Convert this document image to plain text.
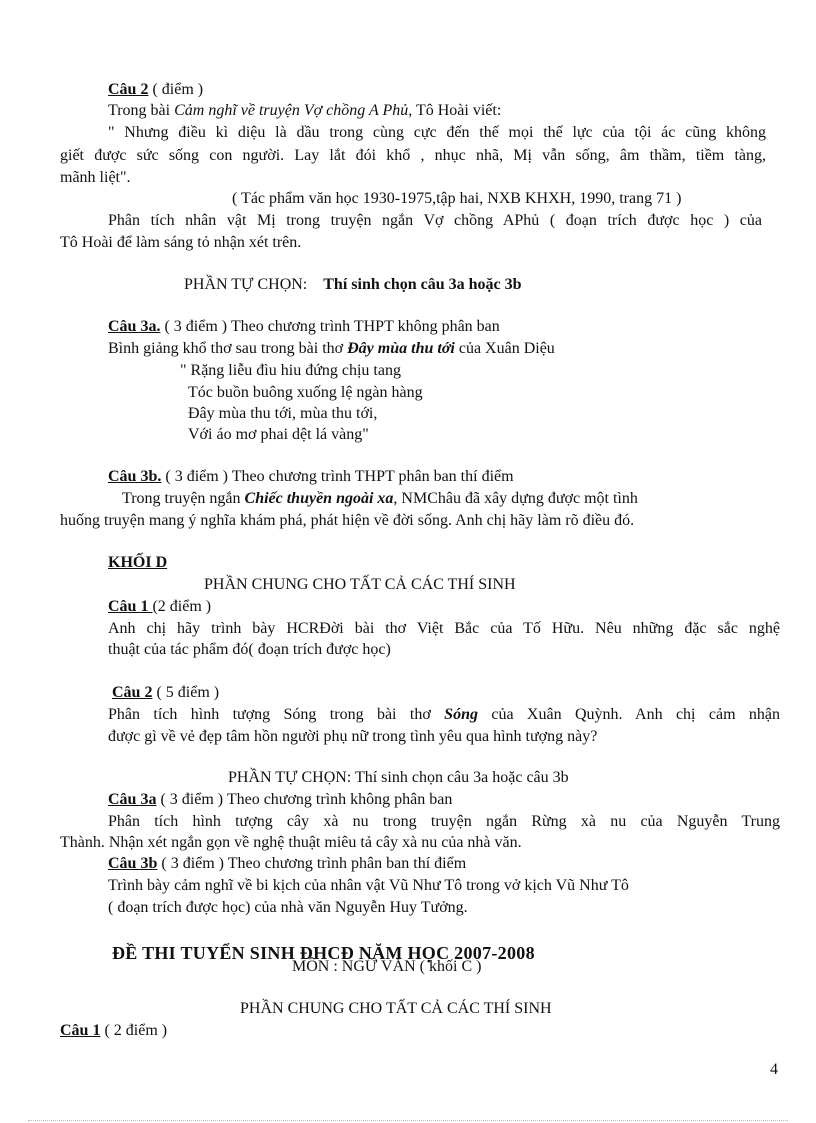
Câu 2 ( điểm )
Trong bài Cảm nghĩ về truyện Vợ chồng A Phủ, Tô Hoài viết:
" Nhưng điều kì diệu là dầu trong cùng cực đến thế mọi thế lực của tội ác cũng không
giết được sức sống con người. Lay lắt đói khổ , nhục nhã, Mị vẫn sống, âm thầm, tiềm tàng,
mãnh liệt".
( Tác phẩm văn học 1930-1975,tập hai, NXB KHXH, 1990, trang 71 )
Phân tích nhân vật Mị trong truyện ngắn Vợ chồng APhủ ( đoạn trích được học ) của
Tô Hoài để làm sáng tỏ nhận xét trên.
PHẦN TỰ CHỌN: Thí sinh chọn câu 3a hoặc 3b
Câu 3a. ( 3 điểm ) Theo chương trình THPT không phân ban
Bình giảng khổ thơ sau trong bài thơ Đây mùa thu tới của Xuân Diệu
" Rặng liễu đìu hiu đứng chịu tang
Tóc buồn buông xuống lệ ngàn hàng
Đây mùa thu tới, mùa thu tới,
Với áo mơ phai dệt lá vàng"
Câu 3b. ( 3 điểm ) Theo chương trình THPT phân ban thí điểm
Trong truyện ngắn Chiếc thuyền ngoài xa, NMChâu đã xây dựng được một tình
huống truyện mang ý nghĩa khám phá, phát hiện về đời sống. Anh chị hãy làm rõ điều đó.
KHỐI D
PHẦN CHUNG CHO TẤT CẢ CÁC THÍ SINH
Câu 1 (2 điểm )
Anh chị hãy trình bày HCRĐời bài thơ Việt Bắc của Tố Hữu. Nêu những đặc sắc nghệ
thuật của tác phẩm đó( đoạn trích được học)
Câu 2 ( 5 điểm )
Phân tích hình tượng Sóng trong bài thơ Sóng của Xuân Quỳnh. Anh chị cảm nhận
được gì về vẻ đẹp tâm hồn người phụ nữ trong tình yêu qua hình tượng này?
PHẦN TỰ CHỌN: Thí sinh chọn câu 3a hoặc câu 3b
Câu 3a ( 3 điểm ) Theo chương trình không phân ban
Phân tích hình tượng cây xà nu trong truyện ngắn Rừng xà nu của Nguyễn Trung
Thành. Nhận xét ngắn gọn về nghệ thuật miêu tả cây xà nu của nhà văn.
Câu 3b ( 3 điểm ) Theo chương trình phân ban thí điểm
Trình bày cảm nghĩ về bi kịch của nhân vật Vũ Như Tô trong vở kịch Vũ Như Tô
( đoạn trích được học) của nhà văn Nguyễn Huy Tưởng.
ĐỀ THI TUYỂN SINH ĐHCĐ NĂM HỌC 2007-2008
MÔN : NGỮ VĂN ( khối C )
PHẦN CHUNG CHO TẤT CẢ CÁC THÍ SINH
Câu 1 ( 2 điểm )
4
